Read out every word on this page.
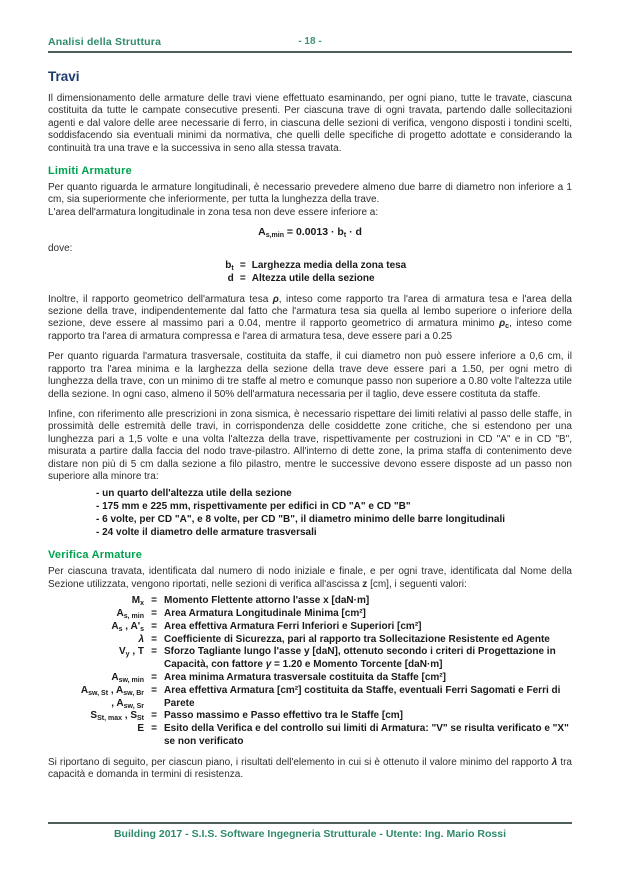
Analisi della Struttura	- 18 -
Travi

Il dimensionamento delle armature delle travi viene effettuato esaminando, per ogni piano, tutte le travate, ciascuna costituita da tutte le campate consecutive presenti. Per ciascuna trave di ogni travata, partendo dalle sollecitazioni agenti e dal valore delle aree necessarie di ferro, in ciascuna delle sezioni di verifica, vengono disposti i tondini scelti, soddisfacendo sia eventuali minimi da normativa, che quelli delle specifiche di progetto adottate e considerando la continuità tra una trave e la successiva in seno alla stessa travata.

Limiti Armature

Per quanto riguarda le armature longitudinali, è necessario prevedere almeno due barre di diametro non inferiore a 1 cm, sia superiormente che inferiormente, per tutta la lunghezza della trave.
L'area dell'armatura longitudinale in zona tesa non deve essere inferiore a:

$A_{s,min} = 0.0013 \cdot b_t \cdot d$

dove:

$b_t$ = Larghezza media della zona tesa
d = Altezza utile della sezione

Inoltre, il rapporto geometrico dell'armatura tesa ρ, inteso come rapporto tra l'area di armatura tesa e l'area della sezione della trave, indipendentemente dal fatto che l'armatura tesa sia quella al lembo superiore o inferiore della sezione, deve essere al massimo pari a 0.04, mentre il rapporto geometrico di armatura minimo $\rho_c$, inteso come rapporto tra l'area di armatura compressa e l'area di armatura tesa, deve essere pari a 0.25

Per quanto riguarda l'armatura trasversale, costituita da staffe, il cui diametro non può essere inferiore a 0,6 cm, il rapporto tra l'area minima e la larghezza della sezione della trave deve essere pari a 1.50, per ogni metro di lunghezza della trave, con un minimo di tre staffe al metro e comunque passo non superiore a 0.80 volte l'altezza utile della sezione. In ogni caso, almeno il 50% dell'armatura necessaria per il taglio, deve essere costituta da staffe.

Infine, con riferimento alle prescrizioni in zona sismica, è necessario rispettare dei limiti relativi al passo delle staffe, in prossimità delle estremità delle travi, in corrispondenza delle cosiddette zone critiche, che si estendono per una lunghezza pari a 1,5 volte e una volta l'altezza della trave, rispettivamente per costruzioni in CD "A" e in CD "B", misurata a partire dalla faccia del nodo trave-pilastro. All'interno di dette zone, la prima staffa di contenimento deve distare non più di 5 cm dalla sezione a filo pilastro, mentre le successive devono essere disposte ad un passo non superiore alla minore tra:

- un quarto dell'altezza utile della sezione
- 175 mm e 225 mm, rispettivamente per edifici in CD "A" e CD "B"
- 6 volte, per CD "A", e 8 volte, per CD "B", il diametro minimo delle barre longitudinali
- 24 volte il diametro delle armature trasversali
Verifica Armature

Per ciascuna travata, identificata dal numero di nodo iniziale e finale, e per ogni trave, identificata dal Nome della Sezione utilizzata, vengono riportati, nelle sezioni di verifica all'ascissa z [cm], i seguenti valori:

$M_x$ = Momento Flettente attorno l'asse x [daN·m]
$A_{s, min}$ = Area Armatura Longitudinale Minima [cm²]
$A_s$ , $A'_s$ = Area effettiva Armatura Ferri Inferiori e Superiori [cm²]
λ = Coefficiente di Sicurezza, pari al rapporto tra Sollecitazione Resistente ed Agente
$V_y$ , T = Sforzo Tagliante lungo l'asse y [daN], ottenuto secondo i criteri di Progettazione in Capacità, con fattore γ = 1.20 e Momento Torcente [daN·m]
$A_{sw, min}$ = Area minima Armatura trasversale costituita da Staffe [cm²]
$A_{sw, St}$ , $A_{sw, Br}$
, $A_{sw, Sr}$
= Area effettiva Armatura [cm²] costituita da Staffe, eventuali Ferri Sagomati e Ferri di Parete
$S_{St, max}$ , $S_{St}$ = Passo massimo e Passo effettivo tra le Staffe [cm]
E = Esito della Verifica e del controllo sui limiti di Armatura: "V" se risulta verificato e "X" se non verificato

Si riportano di seguito, per ciascun piano, i risultati dell'elemento in cui si è ottenuto il valore minimo del rapporto λ tra capacità e domanda in termini di resistenza.

Building 2017 - S.I.S. Software Ingegneria Strutturale - Utente: Ing. Mario Rossi
